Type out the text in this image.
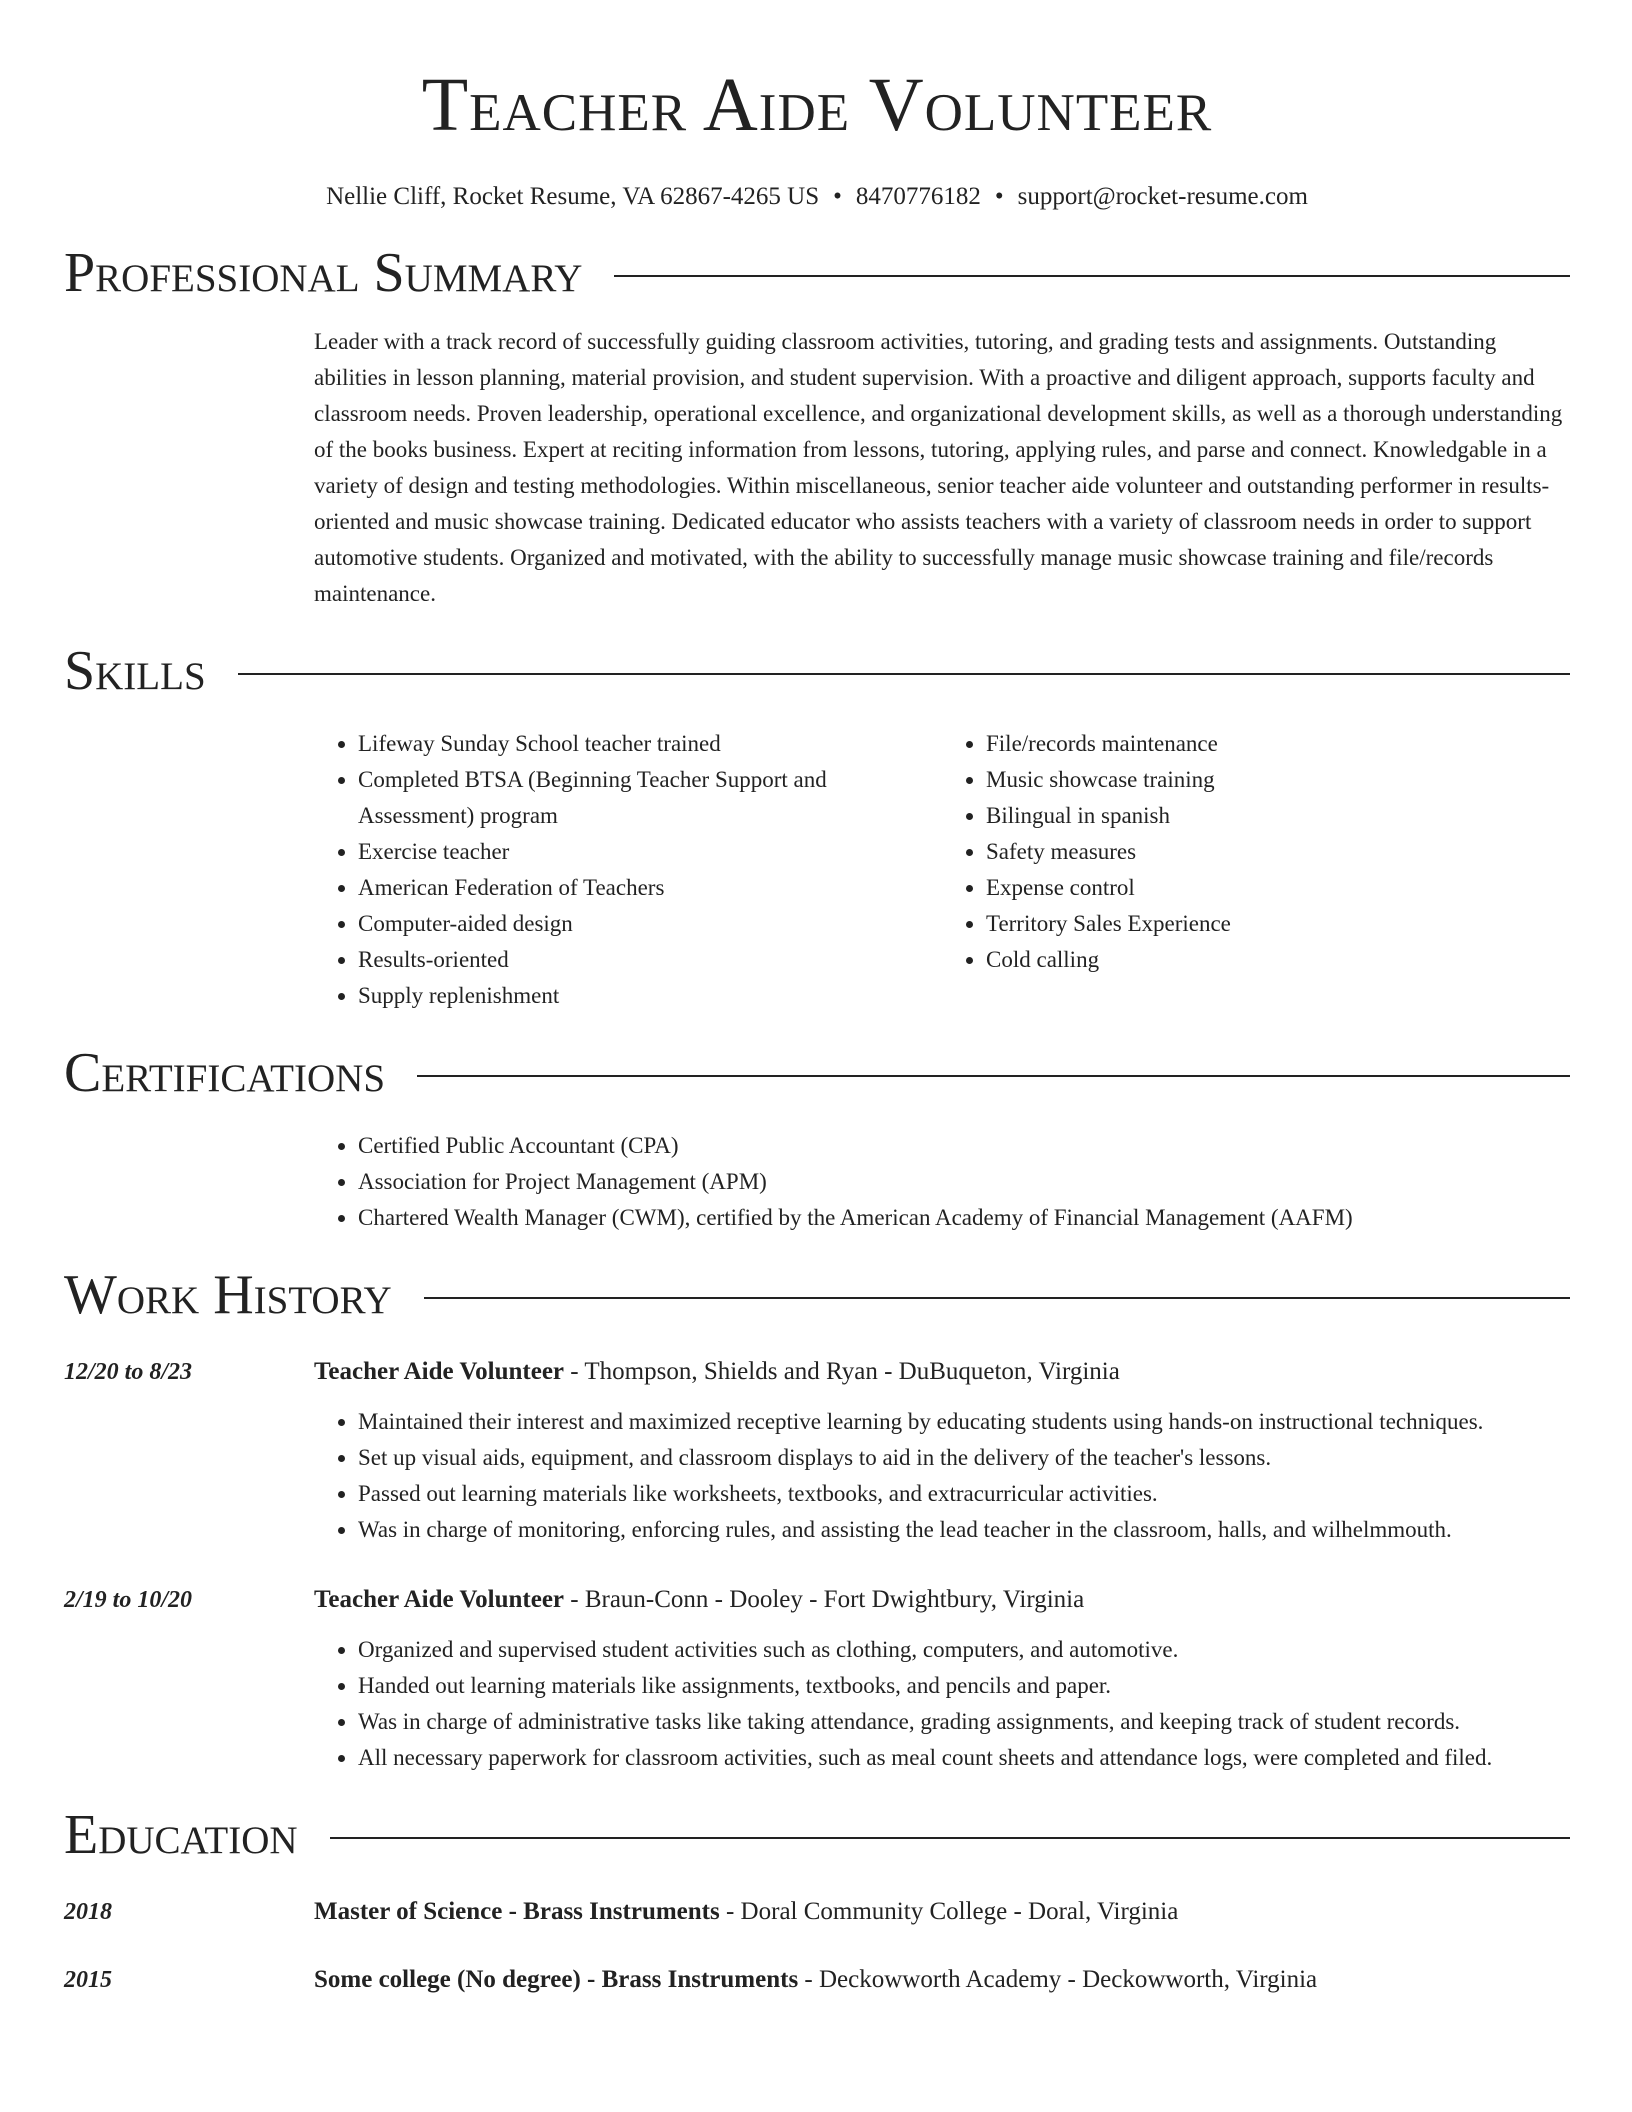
Teacher Aide Volunteer
Nellie Cliff, Rocket Resume, VA 62867-4265 US • 8470776182 • support@rocket-resume.com
Professional Summary
Leader with a track record of successfully guiding classroom activities, tutoring, and grading tests and assignments. Outstanding abilities in lesson planning, material provision, and student supervision. With a proactive and diligent approach, supports faculty and classroom needs. Proven leadership, operational excellence, and organizational development skills, as well as a thorough understanding of the books business. Expert at reciting information from lessons, tutoring, applying rules, and parse and connect. Knowledgable in a variety of design and testing methodologies. Within miscellaneous, senior teacher aide volunteer and outstanding performer in results-oriented and music showcase training. Dedicated educator who assists teachers with a variety of classroom needs in order to support automotive students. Organized and motivated, with the ability to successfully manage music showcase training and file/records maintenance.
Skills
• Lifeway Sunday School teacher trained
• Completed BTSA (Beginning Teacher Support and Assessment) program
• Exercise teacher
• American Federation of Teachers
• Computer-aided design
• Results-oriented
• Supply replenishment
• File/records maintenance
• Music showcase training
• Bilingual in spanish
• Safety measures
• Expense control
• Territory Sales Experience
• Cold calling
Certifications
• Certified Public Accountant (CPA)
• Association for Project Management (APM)
• Chartered Wealth Manager (CWM), certified by the American Academy of Financial Management (AAFM)
Work History
12/20 to 8/23	Teacher Aide Volunteer - Thompson, Shields and Ryan - DuBuqueton, Virginia
• Maintained their interest and maximized receptive learning by educating students using hands-on instructional techniques.
• Set up visual aids, equipment, and classroom displays to aid in the delivery of the teacher's lessons.
• Passed out learning materials like worksheets, textbooks, and extracurricular activities.
• Was in charge of monitoring, enforcing rules, and assisting the lead teacher in the classroom, halls, and wilhelmmouth.
2/19 to 10/20	Teacher Aide Volunteer - Braun-Conn - Dooley - Fort Dwightbury, Virginia
• Organized and supervised student activities such as clothing, computers, and automotive.
• Handed out learning materials like assignments, textbooks, and pencils and paper.
• Was in charge of administrative tasks like taking attendance, grading assignments, and keeping track of student records.
• All necessary paperwork for classroom activities, such as meal count sheets and attendance logs, were completed and filed.
Education
2018	Master of Science - Brass Instruments - Doral Community College - Doral, Virginia
2015	Some college (No degree) - Brass Instruments - Deckowworth Academy - Deckowworth, Virginia
